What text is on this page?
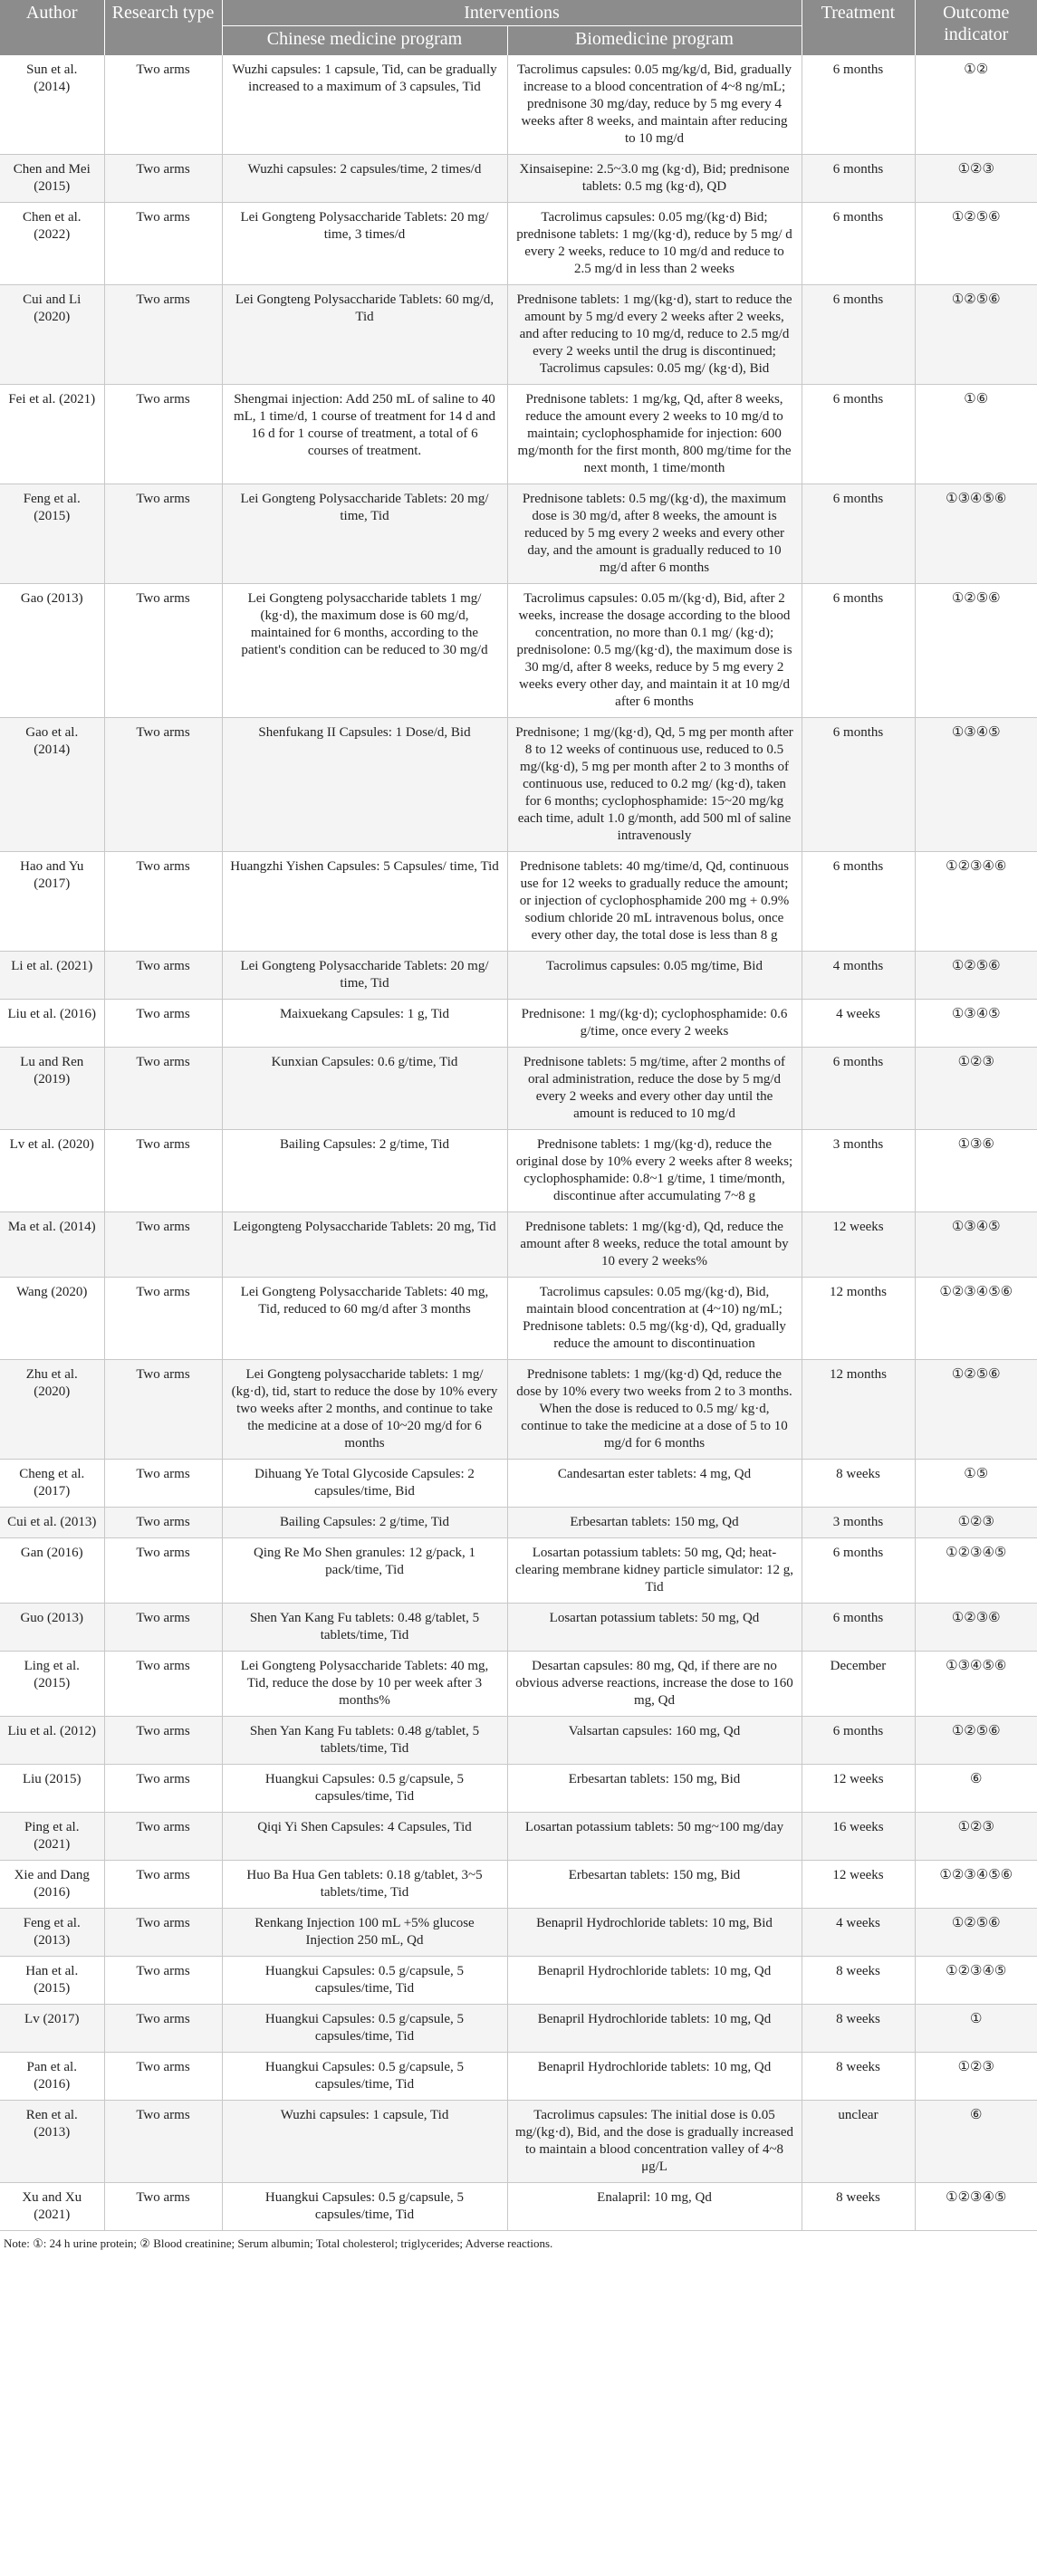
Author	Research type	Interventions		Treatment	Outcome indicator
		Chinese medicine program	Biomedicine program		
Sun et al. (2014)	Two arms	Wuzhi capsules: 1 capsule, Tid, can be gradually increased to a maximum of 3 capsules, Tid	Tacrolimus capsules: 0.05 mg/kg/d, Bid, gradually increase to a blood concentration of 4~8 ng/mL; prednisone 30 mg/day, reduce by 5 mg every 4 weeks after 8 weeks, and maintain after reducing to 10 mg/d	6 months	①②
Chen and Mei (2015)	Two arms	Wuzhi capsules: 2 capsules/time, 2 times/d	Xinsaisepine: 2.5~3.0 mg (kg·d), Bid; prednisone tablets: 0.5 mg (kg·d), QD	6 months	①②③
Chen et al. (2022)	Two arms	Lei Gongteng Polysaccharide Tablets: 20 mg/ time, 3 times/d	Tacrolimus capsules: 0.05 mg/(kg·d) Bid; prednisone tablets: 1 mg/(kg·d), reduce by 5 mg/ d every 2 weeks, reduce to 10 mg/d and reduce to 2.5 mg/d in less than 2 weeks	6 months	①②⑤⑥
Cui and Li (2020)	Two arms	Lei Gongteng Polysaccharide Tablets: 60 mg/d, Tid	Prednisone tablets: 1 mg/(kg·d), start to reduce the amount by 5 mg/d every 2 weeks after 2 weeks, and after reducing to 10 mg/d, reduce to 2.5 mg/d every 2 weeks until the drug is discontinued; Tacrolimus capsules: 0.05 mg/ (kg·d), Bid	6 months	①②⑤⑥
Fei et al. (2021)	Two arms	Shengmai injection: Add 250 mL of saline to 40 mL, 1 time/d, 1 course of treatment for 14 d and 16 d for 1 course of treatment, a total of 6 courses of treatment.	Prednisone tablets: 1 mg/kg, Qd, after 8 weeks, reduce the amount every 2 weeks to 10 mg/d to maintain; cyclophosphamide for injection: 600 mg/month for the first month, 800 mg/time for the next month, 1 time/month	6 months	①⑥
Feng et al. (2015)	Two arms	Lei Gongteng Polysaccharide Tablets: 20 mg/ time, Tid	Prednisone tablets: 0.5 mg/(kg·d), the maximum dose is 30 mg/d, after 8 weeks, the amount is reduced by 5 mg every 2 weeks and every other day, and the amount is gradually reduced to 10 mg/d after 6 months	6 months	①③④⑤⑥
Gao (2013)	Two arms	Lei Gongteng polysaccharide tablets 1 mg/ (kg·d), the maximum dose is 60 mg/d, maintained for 6 months, according to the patient's condition can be reduced to 30 mg/d	Tacrolimus capsules: 0.05 m/(kg·d), Bid, after 2 weeks, increase the dosage according to the blood concentration, no more than 0.1 mg/ (kg·d); prednisolone: 0.5 mg/(kg·d), the maximum dose is 30 mg/d, after 8 weeks, reduce by 5 mg every 2 weeks every other day, and maintain it at 10 mg/d after 6 months	6 months	①②⑤⑥
Gao et al. (2014)	Two arms	Shenfukang II Capsules: 1 Dose/d, Bid	Prednisone; 1 mg/(kg·d), Qd, 5 mg per month after 8 to 12 weeks of continuous use, reduced to 0.5 mg/(kg·d), 5 mg per month after 2 to 3 months of continuous use, reduced to 0.2 mg/ (kg·d), taken for 6 months; cyclophosphamide: 15~20 mg/kg each time, adult 1.0 g/month, add 500 ml of saline intravenously	6 months	①③④⑤
Hao and Yu (2017)	Two arms	Huangzhi Yishen Capsules: 5 Capsules/ time, Tid	Prednisone tablets: 40 mg/time/d, Qd, continuous use for 12 weeks to gradually reduce the amount; or injection of cyclophosphamide 200 mg + 0.9% sodium chloride 20 mL intravenous bolus, once every other day, the total dose is less than 8 g	6 months	①②③④⑥
Li et al. (2021)	Two arms	Lei Gongteng Polysaccharide Tablets: 20 mg/ time, Tid	Tacrolimus capsules: 0.05 mg/time, Bid	4 months	①②⑤⑥
Liu et al. (2016)	Two arms	Maixuekang Capsules: 1 g, Tid	Prednisone: 1 mg/(kg·d); cyclophosphamide: 0.6 g/time, once every 2 weeks	4 weeks	①③④⑤
Lu and Ren (2019)	Two arms	Kunxian Capsules: 0.6 g/time, Tid	Prednisone tablets: 5 mg/time, after 2 months of oral administration, reduce the dose by 5 mg/d every 2 weeks and every other day until the amount is reduced to 10 mg/d	6 months	①②③
Lv et al. (2020)	Two arms	Bailing Capsules: 2 g/time, Tid	Prednisone tablets: 1 mg/(kg·d), reduce the original dose by 10% every 2 weeks after 8 weeks; cyclophosphamide: 0.8~1 g/time, 1 time/month, discontinue after accumulating 7~8 g	3 months	①③⑥
Ma et al. (2014)	Two arms	Leigongteng Polysaccharide Tablets: 20 mg, Tid	Prednisone tablets: 1 mg/(kg·d), Qd, reduce the amount after 8 weeks, reduce the total amount by 10 every 2 weeks%	12 weeks	①③④⑤
Wang (2020)	Two arms	Lei Gongteng Polysaccharide Tablets: 40 mg, Tid, reduced to 60 mg/d after 3 months	Tacrolimus capsules: 0.05 mg/(kg·d), Bid, maintain blood concentration at (4~10) ng/mL; Prednisone tablets: 0.5 mg/(kg·d), Qd, gradually reduce the amount to discontinuation	12 months	①②③④⑤⑥
Zhu et al. (2020)	Two arms	Lei Gongteng polysaccharide tablets: 1 mg/ (kg·d), tid, start to reduce the dose by 10% every two weeks after 2 months, and continue to take the medicine at a dose of 10~20 mg/d for 6 months	Prednisone tablets: 1 mg/(kg·d) Qd, reduce the dose by 10% every two weeks from 2 to 3 months. When the dose is reduced to 0.5 mg/ kg·d, continue to take the medicine at a dose of 5 to 10 mg/d for 6 months	12 months	①②⑤⑥
Cheng et al. (2017)	Two arms	Dihuang Ye Total Glycoside Capsules: 2 capsules/time, Bid	Candesartan ester tablets: 4 mg, Qd	8 weeks	①⑤
Cui et al. (2013)	Two arms	Bailing Capsules: 2 g/time, Tid	Erbesartan tablets: 150 mg, Qd	3 months	①②③
Gan (2016)	Two arms	Qing Re Mo Shen granules: 12 g/pack, 1 pack/time, Tid	Losartan potassium tablets: 50 mg, Qd; heat-clearing membrane kidney particle simulator: 12 g, Tid	6 months	①②③④⑤
Guo (2013)	Two arms	Shen Yan Kang Fu tablets: 0.48 g/tablet, 5 tablets/time, Tid	Losartan potassium tablets: 50 mg, Qd	6 months	①②③⑥
Ling et al. (2015)	Two arms	Lei Gongteng Polysaccharide Tablets: 40 mg, Tid, reduce the dose by 10 per week after 3 months%	Desartan capsules: 80 mg, Qd, if there are no obvious adverse reactions, increase the dose to 160 mg, Qd	December	①③④⑤⑥
Liu et al. (2012)	Two arms	Shen Yan Kang Fu tablets: 0.48 g/tablet, 5 tablets/time, Tid	Valsartan capsules: 160 mg, Qd	6 months	①②⑤⑥
Liu (2015)	Two arms	Huangkui Capsules: 0.5 g/capsule, 5 capsules/time, Tid	Erbesartan tablets: 150 mg, Bid	12 weeks	⑥
Ping et al. (2021)	Two arms	Qiqi Yi Shen Capsules: 4 Capsules, Tid	Losartan potassium tablets: 50 mg~100 mg/day	16 weeks	①②③
Xie and Dang (2016)	Two arms	Huo Ba Hua Gen tablets: 0.18 g/tablet, 3~5 tablets/time, Tid	Erbesartan tablets: 150 mg, Bid	12 weeks	①②③④⑤⑥
Feng et al. (2013)	Two arms	Renkang Injection 100 mL +5% glucose Injection 250 mL, Qd	Benapril Hydrochloride tablets: 10 mg, Bid	4 weeks	①②⑤⑥
Han et al. (2015)	Two arms	Huangkui Capsules: 0.5 g/capsule, 5 capsules/time, Tid	Benapril Hydrochloride tablets: 10 mg, Qd	8 weeks	①②③④⑤
Lv (2017)	Two arms	Huangkui Capsules: 0.5 g/capsule, 5 capsules/time, Tid	Benapril Hydrochloride tablets: 10 mg, Qd	8 weeks	①
Pan et al. (2016)	Two arms	Huangkui Capsules: 0.5 g/capsule, 5 capsules/time, Tid	Benapril Hydrochloride tablets: 10 mg, Qd	8 weeks	①②③
Ren et al. (2013)	Two arms	Wuzhi capsules: 1 capsule, Tid	Tacrolimus capsules: The initial dose is 0.05 mg/(kg·d), Bid, and the dose is gradually increased to maintain a blood concentration valley of 4~8 μg/L	unclear	⑥
Xu and Xu (2021)	Two arms	Huangkui Capsules: 0.5 g/capsule, 5 capsules/time, Tid	Enalapril: 10 mg, Qd	8 weeks	①②③④⑤
Note: ①: 24 h urine protein; ② Blood creatinine; Serum albumin; Total cholesterol; triglycerides; Adverse reactions.
